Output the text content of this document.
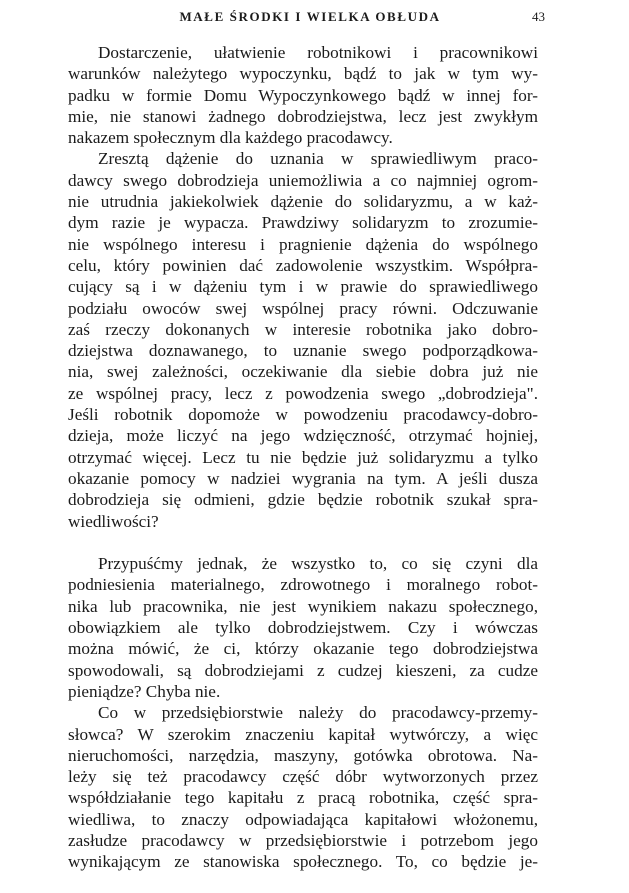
MAŁE ŚRODKI I WIELKA OBŁUDA	43
Dostarczenie, ułatwienie robotnikowi i pracownikowi
warunków należytego wypoczynku, bądź to jak w tym wy-
padku w formie Domu Wypoczynkowego bądź w innej for-
mie, nie stanowi żadnego dobrodziejstwa, lecz jest zwykłym
nakazem społecznym dla każdego pracodawcy.
Zresztą dążenie do uznania w sprawiedliwym praco-
dawcy swego dobrodzieja uniemożliwia a co najmniej ogrom-
nie utrudnia jakiekolwiek dążenie do solidaryzmu, a w każ-
dym razie je wypacza. Prawdziwy solidaryzm to zrozumie-
nie wspólnego interesu i pragnienie dążenia do wspólnego
celu, który powinien dać zadowolenie wszystkim. Współpra-
cujący są i w dążeniu tym i w prawie do sprawiedliwego
podziału owoców swej wspólnej pracy równi. Odczuwanie
zaś rzeczy dokonanych w interesie robotnika jako dobro-
dziejstwa doznawanego, to uznanie swego podporządkowa-
nia, swej zależności, oczekiwanie dla siebie dobra już nie
ze wspólnej pracy, lecz z powodzenia swego „dobrodzieja".
Jeśli robotnik dopomoże w powodzeniu pracodawcy-dobro-
dzieja, może liczyć na jego wdzięczność, otrzymać hojniej,
otrzymać więcej. Lecz tu nie będzie już solidaryzmu a tylko
okazanie pomocy w nadziei wygrania na tym. A jeśli dusza
dobrodzieja się odmieni, gdzie będzie robotnik szukał spra-
wiedliwości?
Przypuśćmy jednak, że wszystko to, co się czyni dla
podniesienia materialnego, zdrowotnego i moralnego robot-
nika lub pracownika, nie jest wynikiem nakazu społecznego,
obowiązkiem ale tylko dobrodziejstwem. Czy i wówczas
można mówić, że ci, którzy okazanie tego dobrodziejstwa
spowodowali, są dobrodziejami z cudzej kieszeni, za cudze
pieniądze? Chyba nie.
Co w przedsiębiorstwie należy do pracodawcy-przemy-
słowca? W szerokim znaczeniu kapitał wytwórczy, a więc
nieruchomości, narzędzia, maszyny, gotówka obrotowa. Na-
leży się też pracodawcy część dóbr wytworzonych przez
współdziałanie tego kapitału z pracą robotnika, część spra-
wiedliwa, to znaczy odpowiadająca kapitałowi włożonemu,
zasłudze pracodawcy w przedsiębiorstwie i potrzebom jego
wynikającym ze stanowiska społecznego. To, co będzie je-
